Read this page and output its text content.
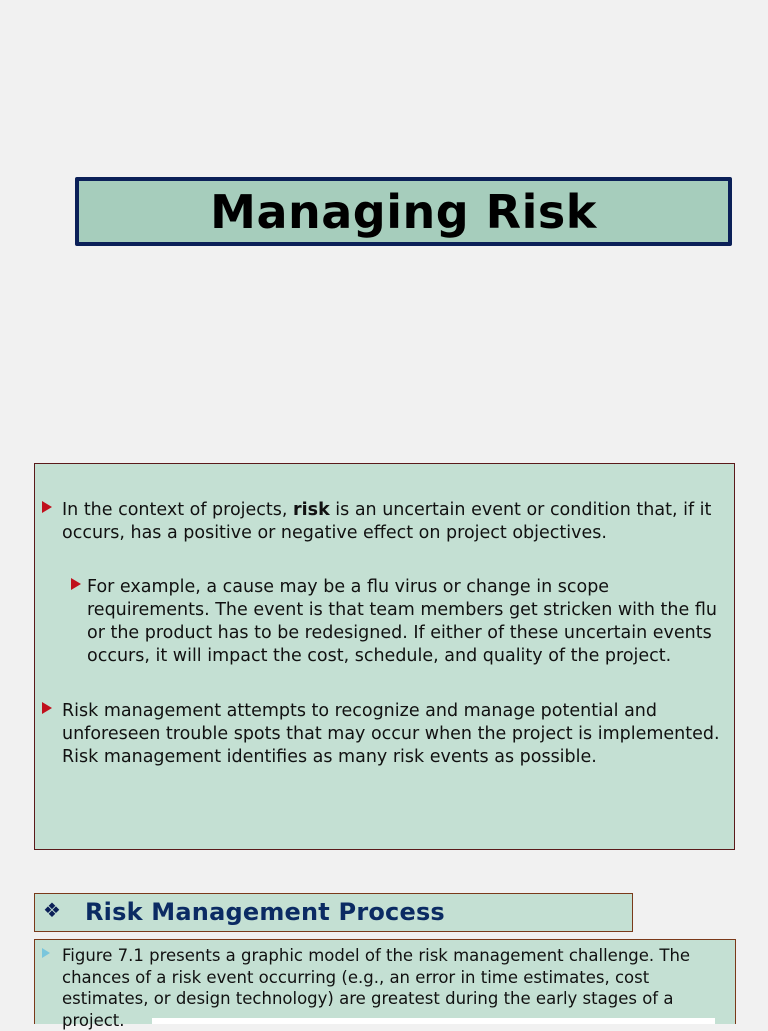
Managing Risk
In the context of projects, risk is an uncertain event or condition that, if it occurs, has a positive or negative effect on project objectives.
For example, a cause may be a flu virus or change in scope requirements. The event is that team members get stricken with the flu or the product has to be redesigned. If either of these uncertain events occurs, it will impact the cost, schedule, and quality of the project.
Risk management attempts to recognize and manage potential and unforeseen trouble spots that may occur when the project is implemented. Risk management identifies as many risk events as possible.
❖ Risk Management Process
Figure 7.1 presents a graphic model of the risk management challenge. The chances of a risk event occurring (e.g., an error in time estimates, cost estimates, or design technology) are greatest during the early stages of a project.
